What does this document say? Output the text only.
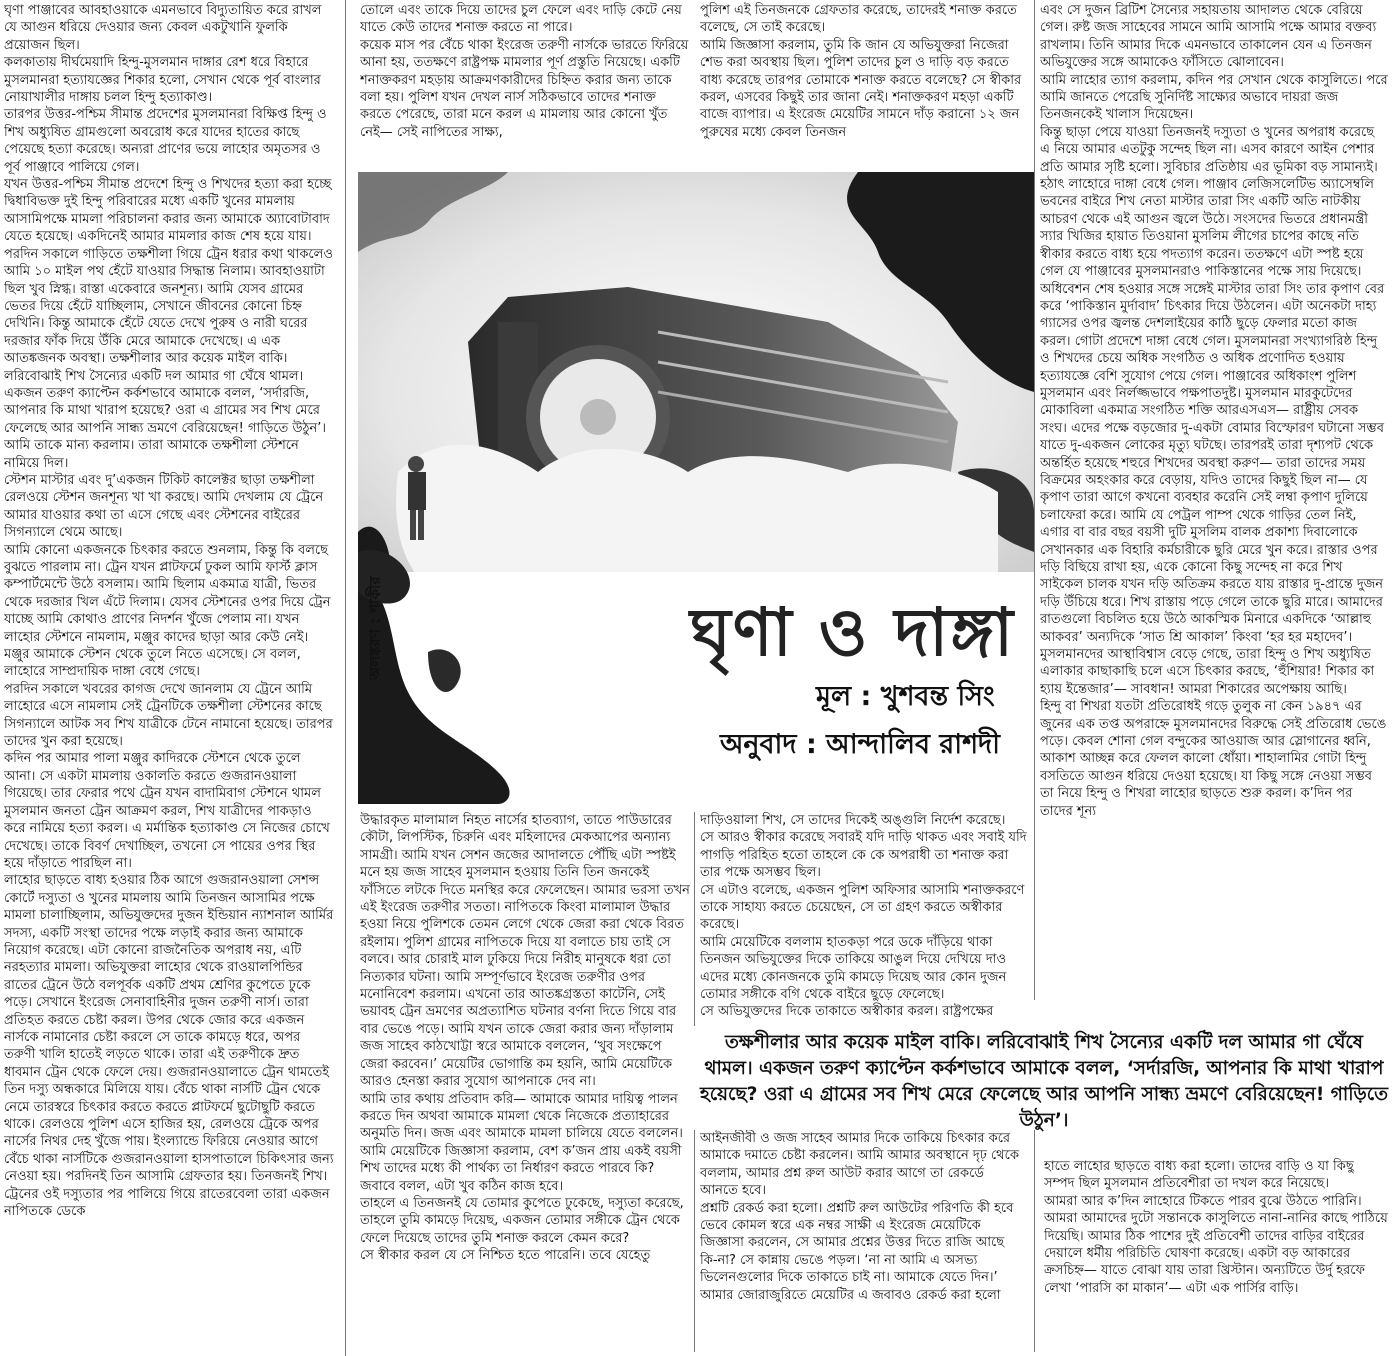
ঘৃণা পাঞ্জাবের আবহাওয়াকে এমনভাবে বিদ্যুতায়িত করে রাখল যে আগুন ধরিয়ে দেওয়ার জন্য কেবল একটুখানি ফুলকি প্রয়োজন ছিল।

কলকাতায় দীর্ঘমেয়াদি হিন্দু-মুসলমান দাঙ্গার রেশ ধরে বিহারে মুসলমানরা হত্যাযজ্ঞের শিকার হলো, সেখান থেকে পূর্ব বাংলার নোয়াখালীর দাঙ্গায় চলল হিন্দু হত্যাকাণ্ড।

তারপর উত্তর-পশ্চিম সীমান্ত প্রদেশের মুসলমানরা বিক্ষিপ্ত হিন্দু ও শিখ অধ্যুষিত গ্রামগুলো অবরোধ করে যাদের হাতের কাছে পেয়েছে হত্যা করেছে। অন্যরা প্রাণের ভয়ে লাহোর অমৃতসর ও পূর্ব পাঞ্জাবে পালিয়ে গেল।

যখন উত্তর-পশ্চিম সীমান্ত প্রদেশে হিন্দু ও শিখদের হত্যা করা হচ্ছে দ্বিধাবিভক্ত দুই হিন্দু পরিবারের মধ্যে একটি খুনের মামলায় আসামিপক্ষে মামলা পরিচালনা করার জন্য আমাকে অ্যাবোটাবাদ যেতে হয়েছে। একদিনেই আমার মামলার কাজ শেষ হয়ে যায়। পরদিন সকালে গাড়িতে তক্ষশীলা গিয়ে ট্রেন ধরার কথা থাকলেও আমি ১০ মাইল পথ হেঁটে যাওয়ার সিদ্ধান্ত নিলাম। আবহাওয়াটা ছিল খুব স্নিগ্ধ। রাস্তা একেবারে জনশূন্য। আমি যেসব গ্রামের ভেতর দিয়ে হেঁটে যাচ্ছিলাম, সেখানে জীবনের কোনো চিহ্ন দেখিনি। কিন্তু আমাকে হেঁটে যেতে দেখে পুরুষ ও নারী ঘরের দরজার ফাঁক দিয়ে উঁকি মেরে আমাকে দেখেছে। এ এক আতঙ্কজনক অবস্থা। তক্ষশীলার আর কয়েক মাইল বাকি। লরিবোঝাই শিখ সৈন্যের একটি দল আমার গা ঘেঁষে থামল। একজন তরুণ ক্যাপ্টেন কর্কশভাবে আমাকে বলল, ‘সর্দারজি, আপনার কি মাথা খারাপ হয়েছে? ওরা এ গ্রামের সব শিখ মেরে ফেলেছে আর আপনি সান্ধ্য ভ্রমণে বেরিয়েছেন! গাড়িতে উঠুন’।

আমি তাকে মান্য করলাম। তারা আমাকে তক্ষশীলা স্টেশনে নামিয়ে দিল।

স্টেশন মাস্টার এবং দু’একজন টিকিট কালেক্টর ছাড়া তক্ষশীলা রেলওয়ে স্টেশন জনশূন্য খা খা করছে। আমি দেখলাম যে ট্রেনে আমার যাওয়ার কথা তা এসে গেছে এবং স্টেশনের বাইরের সিগন্যালে থেমে আছে।

আমি কোনো একজনকে চিৎকার করতে শুনলাম, কিন্তু কি বলছে বুঝতে পারলাম না। ট্রেন যখন প্লাটফর্মে ঢুকল আমি ফার্স্ট ক্লাস কম্পার্টমেন্টে উঠে বসলাম। আমি ছিলাম একমাত্র যাত্রী, ভিতর থেকে দরজার খিল এঁটে দিলাম। যেসব স্টেশনের ওপর দিয়ে ট্রেন যাচ্ছে আমি কোথাও প্রাণের নিদর্শন খুঁজে পেলাম না। যখন লাহোর স্টেশনে নামলাম, মঞ্জুর কাদের ছাড়া আর কেউ নেই। মঞ্জুর আমাকে স্টেশন থেকে তুলে নিতে এসেছে। সে বলল, লাহোরে সাম্প্রদায়িক দাঙ্গা বেধে গেছে।

পরদিন সকালে খবরের কাগজ দেখে জানলাম যে ট্রেনে আমি লাহোরে এসে নামলাম সেই ট্রেনটিকে তক্ষশীলা স্টেশনের কাছে সিগন্যালে আটক সব শিখ যাত্রীকে টেনে নামানো হয়েছে। তারপর তাদের খুন করা হয়েছে।

কদিন পর আমার পালা মঞ্জুর কাদিরকে স্টেশনে থেকে তুলে আনা। সে একটা মামলায় ওকালতি করতে গুজরানওয়ালা গিয়েছে। তার ফেরার পথে ট্রেন যখন বাদামিবাগ স্টেশনে থামল মুসলমান জনতা ট্রেন আক্রমণ করল, শিখ যাত্রীদের পাকড়াও করে নামিয়ে হত্যা করল। এ মর্মান্তিক হত্যাকাণ্ড সে নিজের চোখে দেখেছে। তাকে বিবর্ণ দেখাচ্ছিল, তখনো সে পায়ের ওপর স্থির হয়ে দাঁড়াতে পারছিল না।

লাহোর ছাড়তে বাধ্য হওয়ার ঠিক আগে গুজরানওয়ালা সেশন্স কোর্টে দস্যুতা ও খুনের মামলায় আমি তিনজন আসামির পক্ষে মামলা চালাচ্ছিলাম, অভিযুক্তদের দুজন ইন্ডিয়ান ন্যাশনাল আর্মির সদস্য, একটি সংস্থা তাদের পক্ষে লড়াই করার জন্য আমাকে নিয়োগ করেছে। এটা কোনো রাজনৈতিক অপরাধ নয়, এটি নরহত্যার মামলা। অভিযুক্তরা লাহোর থেকে রাওয়ালপিন্ডির রাতের ট্রেনে উঠে বলপূর্বক একটি প্রথম শ্রেণির কুপেতে ঢুকে পড়ে। সেখানে ইংরেজ সেনাবাহিনীর দুজন তরুণী নার্স। তারা প্রতিহত করতে চেষ্টা করল। উপর থেকে জোর করে একজন নার্সকে নামানোর চেষ্টা করলে সে তাকে কামড়ে ধরে, অপর তরুণী খালি হাতেই লড়তে থাকে। তারা এই তরুণীকে দ্রুত ধাবমান ট্রেন থেকে ফেলে দেয়। গুজরানওয়ালাতে ট্রেন থামতেই তিন দস্যু অন্ধকারে মিলিয়ে যায়। বেঁচে থাকা নার্সটি ট্রেন থেকে নেমে তারস্বরে চিৎকার করতে করতে প্লাটফর্মে ছুটোছুটি করতে থাকে। রেলওয়ে পুলিশ এসে হাজির হয়, রেলওয়ে ট্রেকে অপর নার্সের নিথর দেহ খুঁজে পায়। ইংল্যান্ডে ফিরিয়ে নেওয়ার আগে বেঁচে থাকা নার্সটিকে গুজরানওয়ালা হাসপাতালে চিকিৎসার জন্য নেওয়া হয়। পরদিনই তিন আসামি গ্রেফতার হয়। তিনজনই শিখ। ট্রেনের ওই দস্যুতার পর পালিয়ে গিয়ে রাতেরবেলা তারা একজন নাপিতকে ডেকে

তোলে এবং তাকে দিয়ে তাদের চুল ফেলে এবং দাড়ি কেটে নেয় যাতে কেউ তাদের শনাক্ত করতে না পারে।

কয়েক মাস পর বেঁচে থাকা ইংরেজ তরুণী নার্সকে ভারতে ফিরিয়ে আনা হয়, ততক্ষণে রাষ্ট্রপক্ষ মামলার পূর্ণ প্রস্তুতি নিয়েছে। একটি শনাক্তকরণ মহড়ায় আক্রমণকারীদের চিহ্নিত করার জন্য তাকে বলা হয়। পুলিশ যখন দেখল নার্স সঠিকভাবে তাদের শনাক্ত করতে পেরেছে, তারা মনে করল এ মামলায় আর কোনো খুঁত নেই— সেই নাপিতের সাক্ষ্য,

পুলিশ এই তিনজনকে গ্রেফতার করেছে, তাদেরই শনাক্ত করতে বলেছে, সে তাই করেছে।

আমি জিজ্ঞাসা করলাম, তুমি কি জান যে অভিযুক্তরা নিজেরা শেভ করা অবস্থায় ছিল। পুলিশ তাদের চুল ও দাড়ি বড় করতে বাধ্য করেছে তারপর তোমাকে শনাক্ত করতে বলেছে? সে স্বীকার করল, এসবের কিছুই তার জানা নেই। শনাক্তকরণ মহড়া একটি বাজে ব্যাপার। এ ইংরেজ মেয়েটির সামনে দাঁড় করানো ১২ জন পুরুষের মধ্যে কেবল তিনজন

এবং সে দুজন ব্রিটিশ সৈন্যের সহায়তায় আদালত থেকে বেরিয়ে গেল। রুষ্ট জজ সাহেবের সামনে আমি আসামি পক্ষে আমার বক্তব্য রাখলাম। তিনি আমার দিকে এমনভাবে তাকালেন যেন এ তিনজন অভিযুক্তের সঙ্গে আমাকেও ফাঁসিতে ঝোলাবেন।

আমি লাহোর ত্যাগ করলাম, কদিন পর সেখান থেকে কাসুলিতে। পরে আমি জানতে পেরেছি সুনির্দিষ্ট সাক্ষ্যের অভাবে দায়রা জজ তিনজনকেই খালাস দিয়েছেন।

কিন্তু ছাড়া পেয়ে যাওয়া তিনজনই দস্যুতা ও খুনের অপরাধ করেছে এ নিয়ে আমার এতটুকু সন্দেহ ছিল না। এসব কারণে আইন পেশার প্রতি আমার সৃষ্টি হলো। সুবিচার প্রতিষ্ঠায় এর ভূমিকা বড় সামান্যই।

হঠাৎ লাহোরে দাঙ্গা বেধে গেল। পাঞ্জাব লেজিসলেটিভ অ্যাসেম্বলি ভবনের বাইরে শিখ নেতা মাস্টার তারা সিং একটি অতি নাটকীয় আচরণ থেকে এই আগুন জ্বলে উঠে। সংসদের ভিতরে প্রধানমন্ত্রী স্যার খিজির হায়াত তিওয়ানা মুসলিম লীগের চাপের কাছে নতি স্বীকার করতে বাধ্য হয়ে পদত্যাগ করেন। ততক্ষণে এটা স্পষ্ট হয়ে গেল যে পাঞ্জাবের মুসলমানরাও পাকিস্তানের পক্ষে সায় দিয়েছে। অধিবেশন শেষ হওয়ার সঙ্গে সঙ্গেই মাস্টার তারা সিং তার কৃপাণ বের করে ‘পাকিস্তান মুর্দাবাদ’ চিৎকার দিয়ে উঠলেন। এটা অনেকটা দাহ্য গ্যাসের ওপর জ্বলন্ত দেশলাইয়ের কাঠি ছুড়ে ফেলার মতো কাজ করল। গোটা প্রদেশে দাঙ্গা বেধে গেল। মুসলমানরা সংখ্যাগরিষ্ঠ হিন্দু ও শিখদের চেয়ে অধিক সংগঠিত ও অধিক প্রণোদিত হওয়ায় হত্যাযজ্ঞে বেশি সুযোগ পেয়ে গেল। পাঞ্জাবের অধিকাংশ পুলিশ মুসলমান এবং নির্লজ্জভাবে পক্ষপাতদুষ্ট। মুসলমান মারকুটেদের মোকাবিলা একমাত্র সংগঠিত শক্তি আরএসএস— রাষ্ট্রীয় সেবক সংঘ। এদের পক্ষে বড়জোর দু-একটা বোমার বিস্ফোরণ ঘটানো সম্ভব যাতে দু-একজন লোকের মৃত্যু ঘটছে। তারপরই তারা দৃশ্যপট থেকে অন্তর্হিত হয়েছে শহুরে শিখদের অবস্থা করুণ— তারা তাদের সময় বিক্রমের অহংকার করে বেড়ায়, যদিও তাদের কিছুই ছিল না— যে কৃপাণ তারা আগে কখনো ব্যবহার করেনি সেই লম্বা কৃপাণ দুলিয়ে চলাফেরা করে। আমি যে পেট্রল পাম্প থেকে গাড়ির তেল নিই, এগার বা বার বছর বয়সী দুটি মুসলিম বালক প্রকাশ্য দিবালোকে সেখানকার এক বিহারি কর্মচারীকে ছুরি মেরে খুন করে। রাস্তার ওপর দড়ি বিছিয়ে রাখা হয়, একে কোনো কিছু সন্দেহ না করে শিখ সাইকেল চালক যখন দড়ি অতিক্রম করতে যায় রাস্তার দু-প্রান্তে দুজন দড়ি উঁচিয়ে ধরে। শিখ রাস্তায় পড়ে গেলে তাকে ছুরি মারে। আমাদের রাতগুলো বিচলিত হয়ে উঠে আকস্মিক মিনারে একদিকে ‘আল্লাহু আকবর’ অন্যদিকে ‘সাত শ্রি আকাল’ কিংবা ‘হর হর মহাদেব’। মুসলমানদের আস্থাবিশ্বাস বেড়ে গেছে, তারা হিন্দু ও শিখ অধ্যুষিত এলাকার কাছাকাছি চলে এসে চিৎকার করছে, ‘হুঁশিয়ার! শিকার কা হ্যায় ইন্তেজার’— সাবধান! আমরা শিকারের অপেক্ষায় আছি।

হিন্দু বা শিখরা যতটা প্রতিরোধই গড়ে তুলুক না কেন ১৯৪৭ এর জুনের এক তপ্ত অপরাহ্নে মুসলমানদের বিরুদ্ধে সেই প্রতিরোধ ভেঙে পড়ে। কেবল শোনা গেল বন্দুকের আওয়াজ আর স্লোগানের ধ্বনি, আকাশ আচ্ছন্ন করে ফেলল কালো ধোঁয়া। শাহালামির গোটা হিন্দু বসতিতে আগুন ধরিয়ে দেওয়া হয়েছে। যা কিছু সঙ্গে নেওয়া সম্ভব তা নিয়ে হিন্দু ও শিখরা লাহোর ছাড়তে শুরু করল। ক’দিন পর তাদের শূন্য

অলঙ্করণ : শাকীর	ঘৃণা ও দাঙ্গা
মূল : খুশবন্ত সিং
অনুবাদ : আন্দালিব রাশদী

উদ্ধারকৃত মালামাল নিহত নার্সের হাতব্যাগ, তাতে পাউডারের কৌটা, লিপস্টিক, চিরুনি এবং মহিলাদের মেকআপের অন্যান্য সামগ্রী। আমি যখন সেশন জজের আদালতে পৌঁছি এটা স্পষ্টই মনে হয় জজ সাহেব মুসলমান হওয়ায় তিনি তিন জনকেই ফাঁসিতে লটকে দিতে মনস্থির করে ফেলেছেন। আমার ভরসা তখন এই ইংরেজ তরুণীর সততা। নাপিতকে কিংবা মালামাল উদ্ধার হওয়া নিয়ে পুলিশকে তেমন লেগে থেকে জেরা করা থেকে বিরত রইলাম। পুলিশ গ্রামের নাপিতকে দিয়ে যা বলাতে চায় তাই সে বলবে। আর চোরাই মাল ঢুকিয়ে দিয়ে নিরীহ মানুষকে ধরা তো নিত্যকার ঘটনা। আমি সম্পূর্ণভাবে ইংরেজ তরুণীর ওপর মনোনিবেশ করলাম। এখনো তার আতঙ্কগ্রস্ততা কাটেনি, সেই ভয়াবহ ট্রেন ভ্রমণের অপ্রত্যাশিত ঘটনার বর্ণনা দিতে গিয়ে বার বার ভেঙে পড়ে। আমি যখন তাকে জেরা করার জন্য দাঁড়ালাম জজ সাহেব কাঠখোট্টা স্বরে আমাকে বললেন, ‘খুব সংক্ষেপে জেরা করবেন।’ মেয়েটির ভোগান্তি কম হয়নি, আমি মেয়েটিকে আরও হেনস্তা করার সুযোগ আপনাকে দেব না।

আমি তার কথায় প্রতিবাদ করি— আমাকে আমার দায়িত্ব পালন করতে দিন অথবা আমাকে মামলা থেকে নিজেকে প্রত্যাহারের অনুমতি দিন। জজ এবং আমাকে মামলা চালিয়ে যেতে বললেন। আমি মেয়েটিকে জিজ্ঞাসা করলাম, বেশ ক’জন প্রায় একই বয়সী শিখ তাদের মধ্যে কী পার্থক্য তা নির্ধারণ করতে পারবে কি?

জবাবে বলল, এটা খুব কঠিন কাজ হবে।

তাহলে এ তিনজনই যে তোমার কুপেতে ঢুকেছে, দস্যুতা করেছে, তাহলে তুমি কামড়ে দিয়েছ, একজন তোমার সঙ্গীকে ট্রেন থেকে ফেলে দিয়েছে তাদের তুমি শনাক্ত করলে কেমন করে?

সে স্বীকার করল যে সে নিশ্চিত হতে পারেনি। তবে যেহেতু

দাড়িওয়ালা শিখ, সে তাদের দিকেই অঙ্গুলি নির্দেশ করেছে।

সে আরও স্বীকার করেছে সবারই যদি দাড়ি থাকত এবং সবাই যদি পাগড়ি পরিহিত হতো তাহলে কে কে অপরাধী তা শনাক্ত করা তার পক্ষে অসম্ভব ছিল।

সে এটাও বলেছে, একজন পুলিশ অফিসার আসামি শনাক্তকরণে তাকে সাহায্য করতে চেয়েছেন, সে তা গ্রহণ করতে অস্বীকার করেছে।

আমি মেয়েটিকে বললাম হাতকড়া পরে ডকে দাঁড়িয়ে থাকা তিনজন অভিযুক্তের দিকে তাকিয়ে আঙুল দিয়ে দেখিয়ে দাও এদের মধ্যে কোনজনকে তুমি কামড়ে দিয়েছ আর কোন দুজন তোমার সঙ্গীকে বগি থেকে বাইরে ছুড়ে ফেলেছে।

সে অভিযুক্তদের দিকে তাকাতে অস্বীকার করল। রাষ্ট্রপক্ষের

তক্ষশীলার আর কয়েক মাইল বাকি। লরিবোঝাই শিখ সৈন্যের একটি দল আমার গা ঘেঁষে থামল। একজন তরুণ ক্যাপ্টেন কর্কশভাবে আমাকে বলল, ‘সর্দারজি, আপনার কি মাথা খারাপ হয়েছে? ওরা এ গ্রামের সব শিখ মেরে ফেলেছে আর আপনি সান্ধ্য ভ্রমণে বেরিয়েছেন! গাড়িতে উঠুন’।

আইনজীবী ও জজ সাহেব আমার দিকে তাকিয়ে চিৎকার করে আমাকে দমাতে চেষ্টা করলেন। আমি আমার অবস্থানে দৃঢ় থেকে বললাম, আমার প্রশ্ন রুল আউট করার আগে তা রেকর্ডে আনতে হবে।

প্রশ্নটি রেকর্ড করা হলো। প্রশ্নটি রুল আউটের পরিণতি কী হবে ভেবে কোমল স্বরে এক নম্বর সাক্ষী এ ইংরেজ মেয়েটিকে জিজ্ঞাসা করলেন, সে আমার প্রশ্নের উত্তর দিতে রাজি আছে কি-না? সে কান্নায় ভেঙে পড়ল। ‘না না আমি এ অসভ্য ভিলেনগুলোর দিকে তাকাতে চাই না। আমাকে যেতে দিন।’

আমার জোরাজুরিতে মেয়েটির এ জবাবও রেকর্ড করা হলো

হাতে লাহোর ছাড়তে বাধ্য করা হলো। তাদের বাড়ি ও যা কিছু সম্পদ ছিল মুসলমান প্রতিবেশীরা তা দখল করে নিয়েছে।

আমরা আর ক’দিন লাহোরে টিকতে পারব বুঝে উঠতে পারিনি। আমরা আমাদের দুটো সন্তানকে কাসুলিতে নানা-নানির কাছে পাঠিয়ে দিয়েছি। আমার ঠিক পাশের দুই প্রতিবেশী তাদের বাড়ির বাইরের দেয়ালে ধর্মীয় পরিচিতি ঘোষণা করেছে। একটা বড় আকারের ক্রসচিহ্ন— যাতে বোঝা যায় তারা খ্রিস্টান। অন্যটিতে উর্দু হরফে লেখা ‘পারসি কা মাকান’— এটা এক পার্সির বাড়ি।
